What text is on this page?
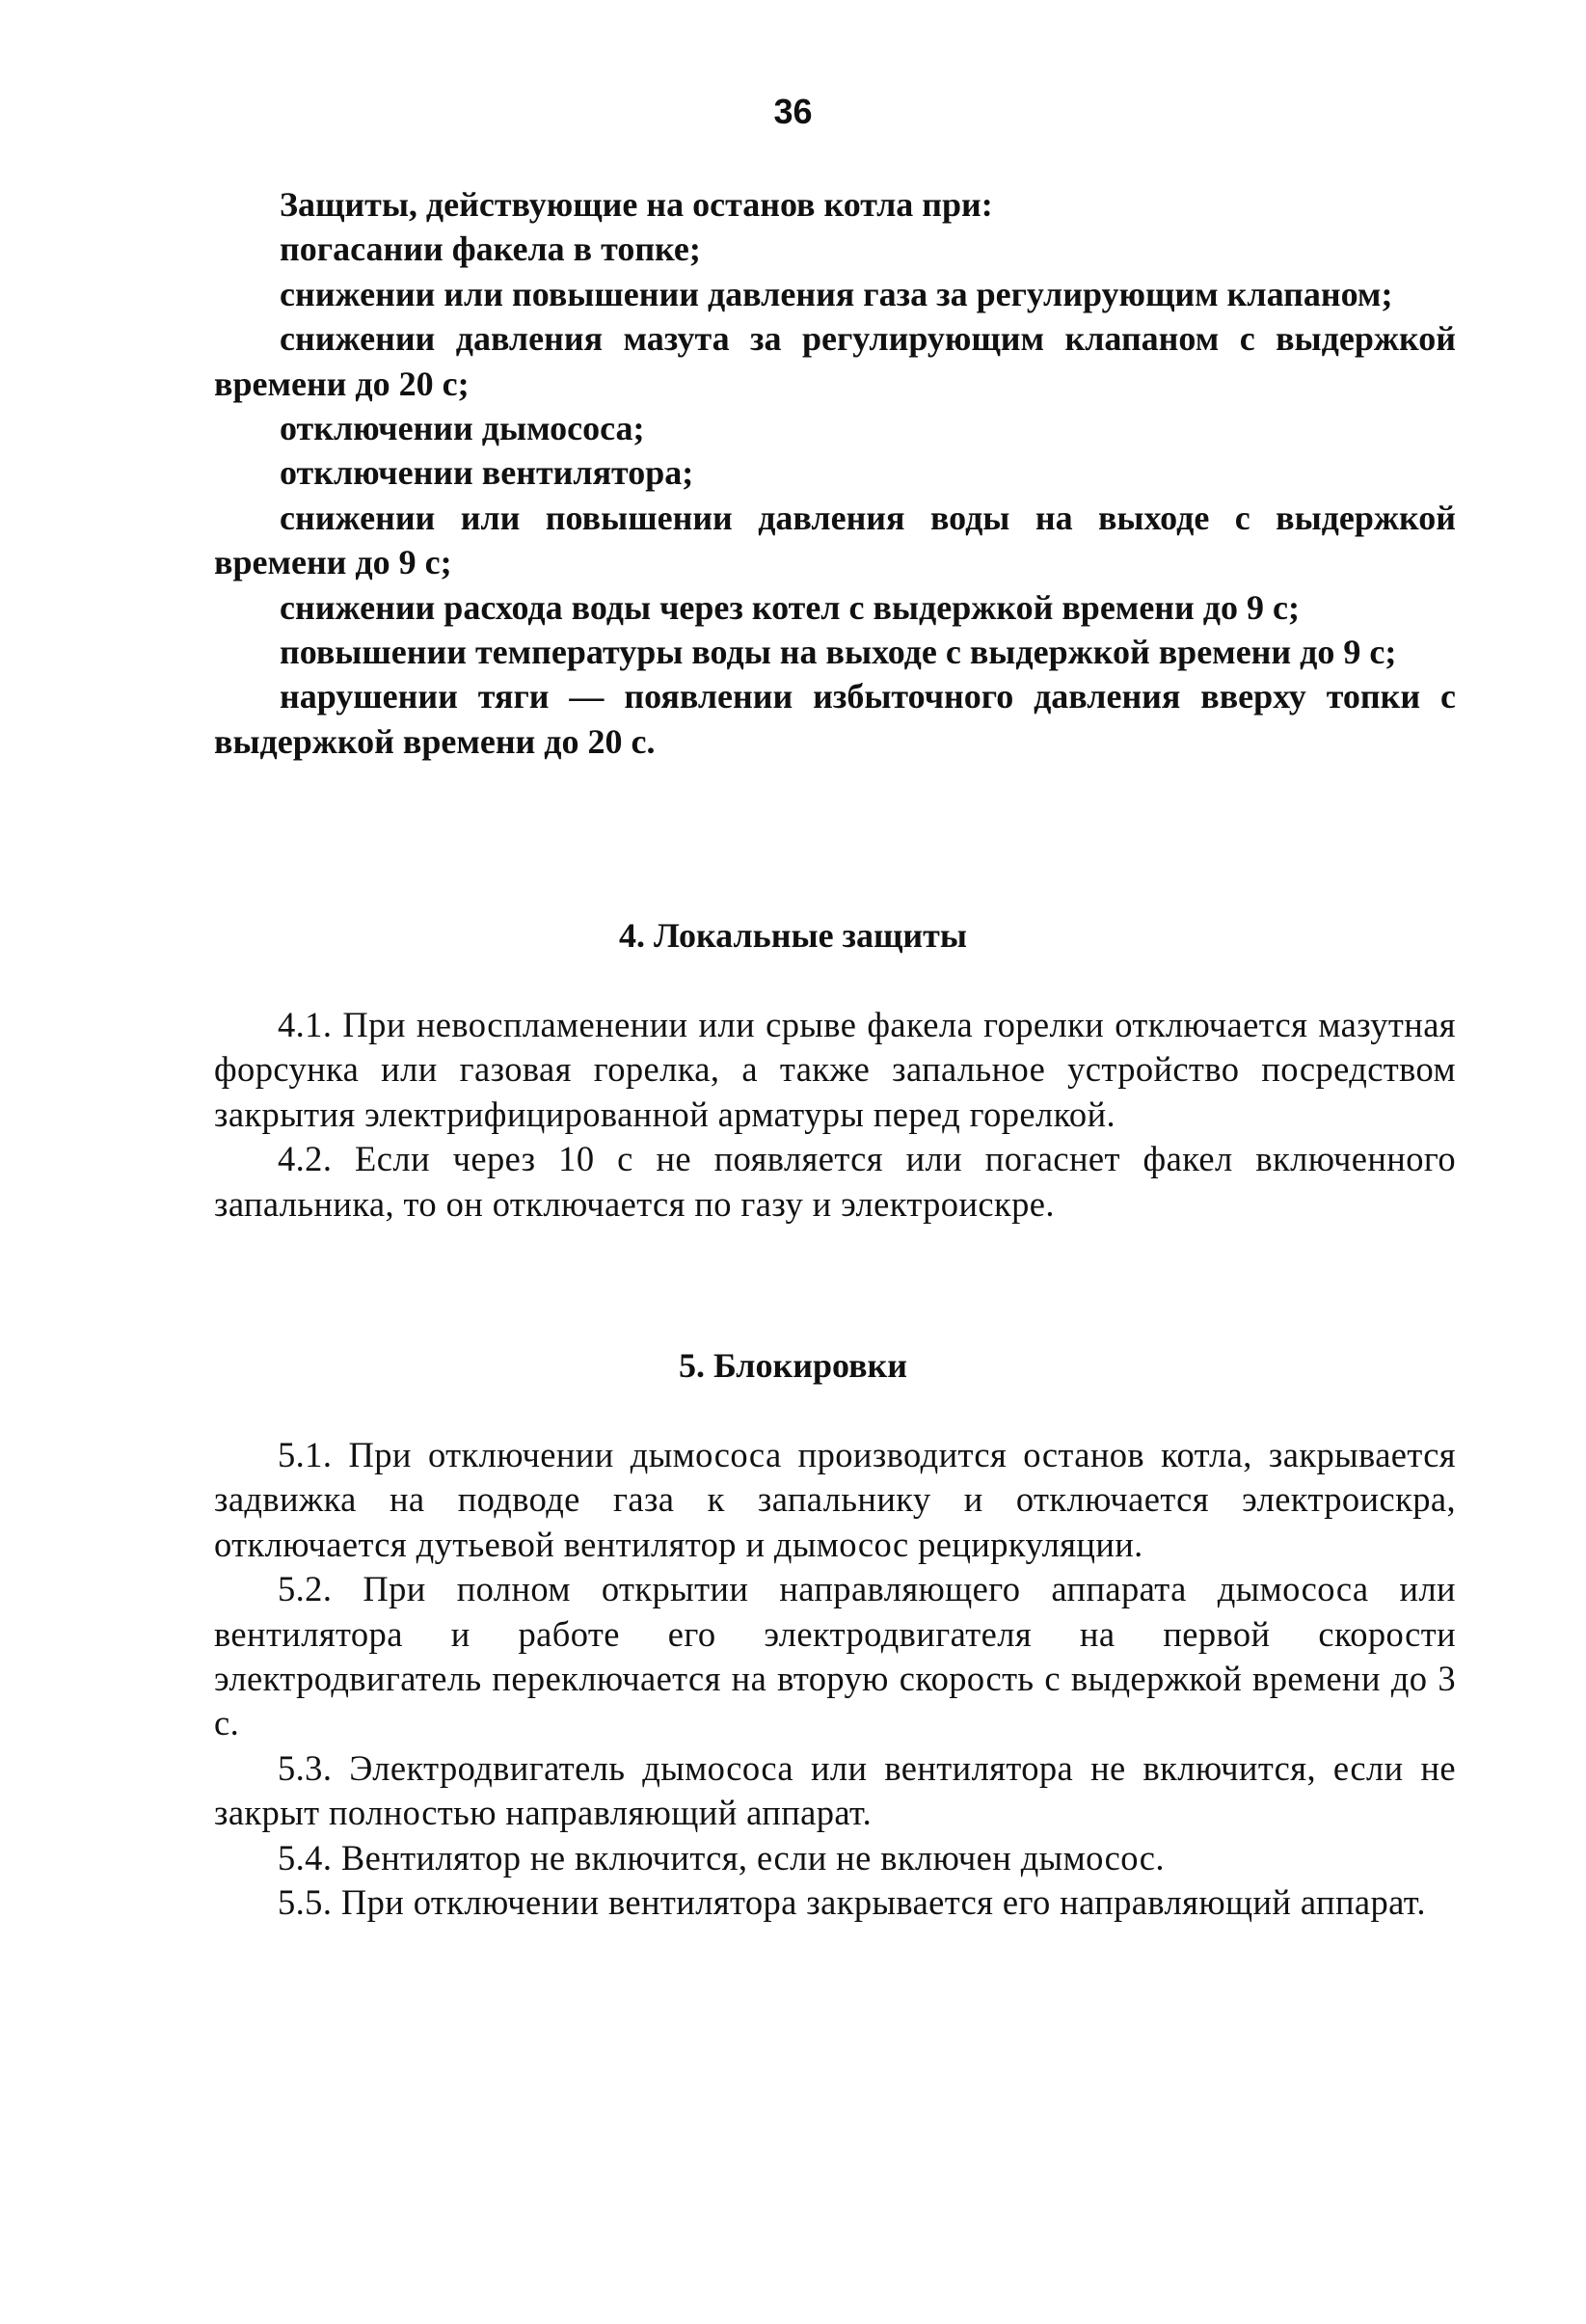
36

Защиты, действующие на останов котла при:

погасании факела в топке;

снижении или повышении давления газа за регулирующим клапаном;

снижении давления мазута за регулирующим клапаном с выдержкой времени до 20 с;

отключении дымососа;

отключении вентилятора;

снижении или повышении давления воды на выходе с выдержкой времени до 9 с;

снижении расхода воды через котел с выдержкой времени до 9 с;

повышении температуры воды на выходе с выдержкой времени до 9 с;

нарушении тяги — появлении избыточного давления вверху топки с выдержкой времени до 20 с.

4. Локальные защиты

4.1. При невоспламенении или срыве факела горелки отключается мазутная форсунка или газовая горелка, а также запальное устройство посредством закрытия электрифицированной арматуры перед горелкой.

4.2. Если через 10 с не появляется или погаснет факел включенного запальника, то он отключается по газу и электроискре.

5. Блокировки

5.1. При отключении дымососа производится останов котла, закрывается задвижка на подводе газа к запальнику и отключается электроискра, отключается дутьевой вентилятор и дымосос рециркуляции.

5.2. При полном открытии направляющего аппарата дымососа или вентилятора и работе его электродвигателя на первой скорости электродвигатель переключается на вторую скорость с выдержкой времени до 3 с.

5.3. Электродвигатель дымососа или вентилятора не включится, если не закрыт полностью направляющий аппарат.

5.4. Вентилятор не включится, если не включен дымосос.

5.5. При отключении вентилятора закрывается его направляющий аппарат.
